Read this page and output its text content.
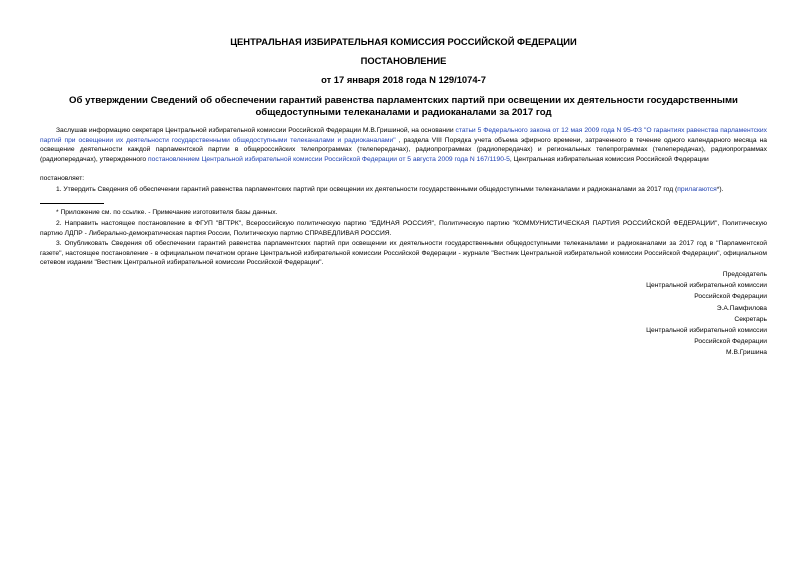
ЦЕНТРАЛЬНАЯ ИЗБИРАТЕЛЬНАЯ КОМИССИЯ РОССИЙСКОЙ ФЕДЕРАЦИИ

ПОСТАНОВЛЕНИЕ

от 17 января 2018 года N 129/1074-7

Об утверждении Сведений об обеспечении гарантий равенства парламентских партий при освещении их деятельности государственными общедоступными телеканалами и радиоканалами за 2017 год

Заслушав информацию секретаря Центральной избирательной комиссии Российской Федерации М.В.Гришиной, на основании статьи 5 Федерального закона от 12 мая 2009 года N 95-ФЗ "О гарантиях равенства парламентских партий при освещении их деятельности государственными общедоступными телеканалами и радиоканалами" , раздела VIII Порядка учета объема эфирного времени, затраченного в течение одного календарного месяца на освещение деятельности каждой парламентской партии в общероссийских телепрограммах (телепередачах), радиопрограммах (радиопередачах) и региональных телепрограммах (телепередачах), радиопрограммах (радиопередачах), утвержденного постановлением Центральной избирательной комиссии Российской Федерации от 5 августа 2009 года N 167/1190-5, Центральная избирательная комиссия Российской Федерации

постановляет:

1. Утвердить Сведения об обеспечении гарантий равенства парламентских партий при освещении их деятельности государственными общедоступными телеканалами и радиоканалами за 2017 год (прилагаются*).

* Приложение см. по ссылке. - Примечание изготовителя базы данных.

2. Направить настоящее постановление в ФГУП "ВГТРК", Всероссийскую политическую партию "ЕДИНАЯ РОССИЯ", Политическую партию "КОММУНИСТИЧЕСКАЯ ПАРТИЯ РОССИЙСКОЙ ФЕДЕРАЦИИ", Политическую партию ЛДПР - Либерально-демократическая партия России, Политическую партию СПРАВЕДЛИВАЯ РОССИЯ.

3. Опубликовать Сведения об обеспечении гарантий равенства парламентских партий при освещении их деятельности государственными общедоступными телеканалами и радиоканалами за 2017 год в "Парламентской газете", настоящее постановление - в официальном печатном органе Центральной избирательной комиссии Российской Федерации - журнале "Вестник Центральной избирательной комиссии Российской Федерации", официальном сетевом издании "Вестник Центральной избирательной комиссии Российской Федерации".

Председатель
Центральной избирательной комиссии
Российской Федерации
Э.А.Памфилова
Секретарь
Центральной избирательной комиссии
Российской Федерации
М.В.Гришина
